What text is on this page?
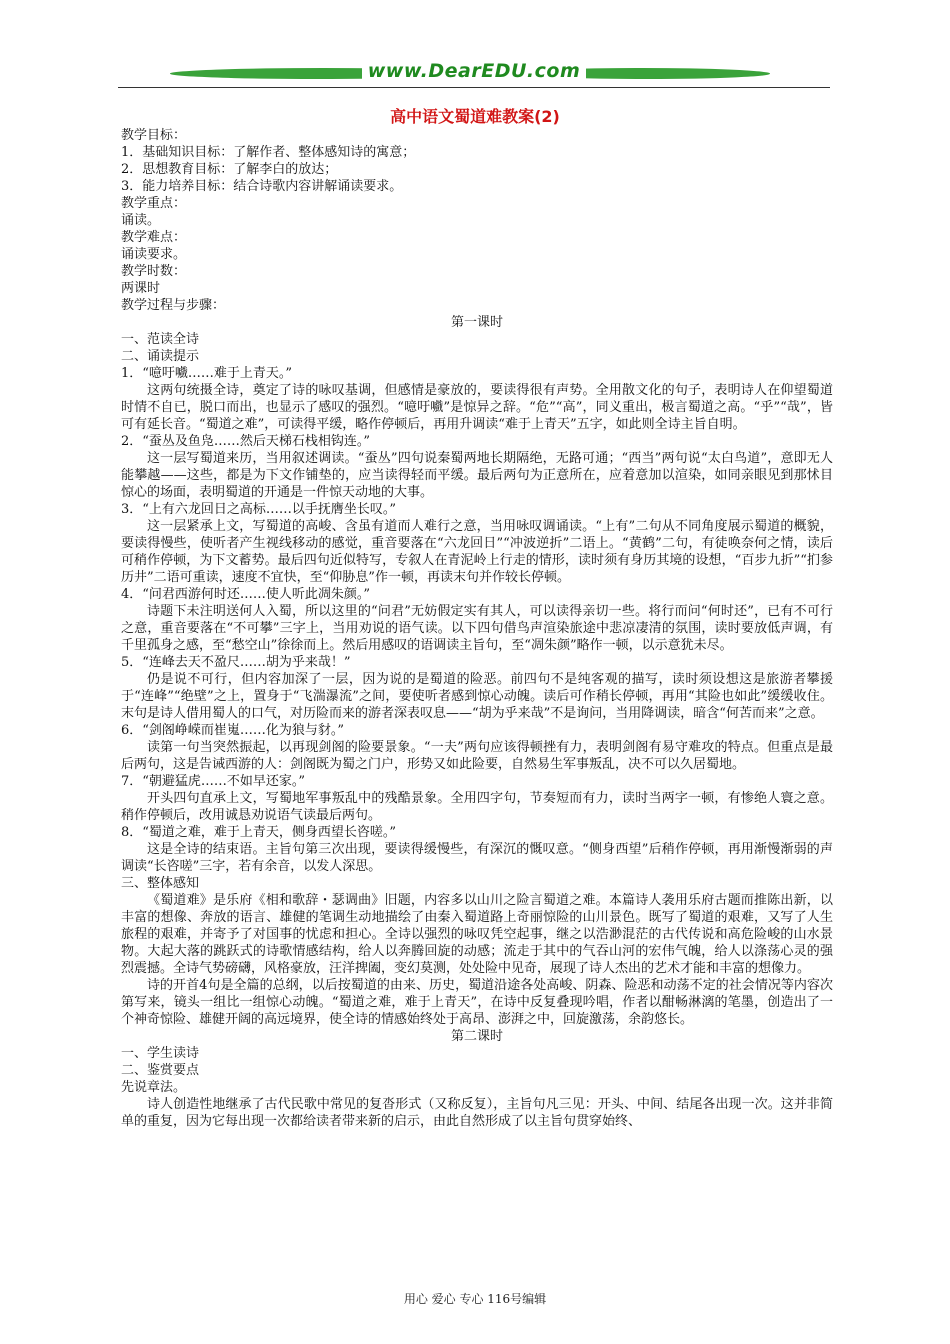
www.DearEDU.com
高中语文蜀道难教案(2)

教学目标：

1．基础知识目标：了解作者、整体感知诗的寓意；

2．思想教育目标：了解李白的放达；

3．能力培养目标：结合诗歌内容讲解诵读要求。

教学重点：

诵读。

教学难点：

诵读要求。

教学时数：

两课时

教学过程与步骤：

第一课时

一、范读全诗

二、诵读提示

1．“噫吁嚱……难于上青天。”

这两句统摄全诗，奠定了诗的咏叹基调，但感情是豪放的，要读得很有声势。全用散文化的句子，表明诗人在仰望蜀道时情不自已，脱口而出，也显示了感叹的强烈。“噫吁嚱”是惊异之辞。“危”“高”，同义重出，极言蜀道之高。“乎”“哉”，皆可有延长音。“蜀道之难”，可读得平缓，略作停顿后，再用升调读“难于上青天”五字，如此则全诗主旨自明。

2．“蚕丛及鱼凫……然后天梯石栈相钩连。”

这一层写蜀道来历，当用叙述调读。“蚕丛”四句说秦蜀两地长期隔绝，无路可通；“西当”两句说“太白鸟道”，意即无人能攀越——这些，都是为下文作铺垫的，应当读得轻而平缓。最后两句为正意所在，应着意加以渲染，如同亲眼见到那怵目惊心的场面，表明蜀道的开通是一件惊天动地的大事。

3．“上有六龙回日之高标……以手抚膺坐长叹。”

这一层紧承上文，写蜀道的高峻、含虽有道而人难行之意，当用咏叹调诵读。“上有”二句从不同角度展示蜀道的概貌，要读得慢些，使听者产生视线移动的感觉，重音要落在“六龙回日”“冲波逆折”二语上。“黄鹤”二句，有徒唤奈何之情，读后可稍作停顿，为下文蓄势。最后四句近似特写，专叙人在青泥岭上行走的情形，读时须有身历其境的设想，“百步九折”“扪参历井”二语可重读，速度不宜快，至“仰胁息”作一顿，再读末句并作较长停顿。

4．“问君西游何时还……使人听此凋朱颜。”

诗题下未注明送何人入蜀，所以这里的“问君”无妨假定实有其人，可以读得亲切一些。将行而问“何时还”，已有不可行之意，重音要落在“不可攀”三字上，当用劝说的语气读。以下四句借鸟声渲染旅途中悲凉凄清的氛围，读时要放低声调，有千里孤身之感，至“愁空山”徐徐而上。然后用感叹的语调读主旨句，至“凋朱颜”略作一顿，以示意犹未尽。

5．“连峰去天不盈尺……胡为乎来哉！”

仍是说不可行，但内容加深了一层，因为说的是蜀道的险恶。前四句不是纯客观的描写，读时须设想这是旅游者攀援于“连峰”“绝壁”之上，置身于“飞湍瀑流”之间，要使听者感到惊心动魄。读后可作稍长停顿，再用“其险也如此”缓缓收住。末句是诗人借用蜀人的口气，对历险而来的游者深表叹息——“胡为乎来哉”不是询问，当用降调读，暗含“何苦而来”之意。

6．“剑阁峥嵘而崔嵬……化为狼与豺。”

读第一句当突然振起，以再现剑阁的险要景象。“一夫”两句应该得顿挫有力，表明剑阁有易守难攻的特点。但重点是最后两句，这是告诫西游的人：剑阁既为蜀之门户，形势又如此险要，自然易生军事叛乱，决不可以久居蜀地。

7．“朝避猛虎……不如早还家。”

开头四句直承上文，写蜀地军事叛乱中的残酷景象。全用四字句，节奏短而有力，读时当两字一顿，有惨绝人寰之意。稍作停顿后，改用诚恳劝说语气读最后两句。

8．“蜀道之难，难于上青天，侧身西望长咨嗟。”

这是全诗的结束语。主旨句第三次出现，要读得缓慢些，有深沉的慨叹意。“侧身西望”后稍作停顿，再用渐慢渐弱的声调读“长咨嗟”三字，若有余音，以发人深思。

三、整体感知

《蜀道难》是乐府《相和歌辞・瑟调曲》旧题，内容多以山川之险言蜀道之难。本篇诗人袭用乐府古题而推陈出新，以丰富的想像、奔放的语言、雄健的笔调生动地描绘了由秦入蜀道路上奇丽惊险的山川景色。既写了蜀道的艰难，又写了人生旅程的艰难，并寄予了对国事的忧虑和担心。全诗以强烈的咏叹凭空起事，继之以浩渺混茫的古代传说和高危险峻的山水景物。大起大落的跳跃式的诗歌情感结构，给人以奔腾回旋的动感；流走于其中的气吞山河的宏伟气魄，给人以涤荡心灵的强烈震撼。全诗气势磅礴，风格豪放，汪洋捭阖，变幻莫测，处处险中见奇，展现了诗人杰出的艺术才能和丰富的想像力。

诗的开首4句是全篇的总纲，以后按蜀道的由来、历史，蜀道沿途各处高峻、阴森、险恶和动荡不定的社会情况等内容次第写来，镜头一组比一组惊心动魄。“蜀道之难，难于上青天”，在诗中反复叠现吟唱，作者以酣畅淋漓的笔墨，创造出了一个神奇惊险、雄健开阔的高远境界，使全诗的情感始终处于高昂、澎湃之中，回旋激荡，余韵悠长。

第二课时

一、学生读诗

二、鉴赏要点

先说章法。

诗人创造性地继承了古代民歌中常见的复沓形式（又称反复），主旨句凡三见：开头、中间、结尾各出现一次。这并非简单的重复，因为它每出现一次都给读者带来新的启示，由此自然形成了以主旨句贯穿始终、

用心 爱心 专心 116号编辑
